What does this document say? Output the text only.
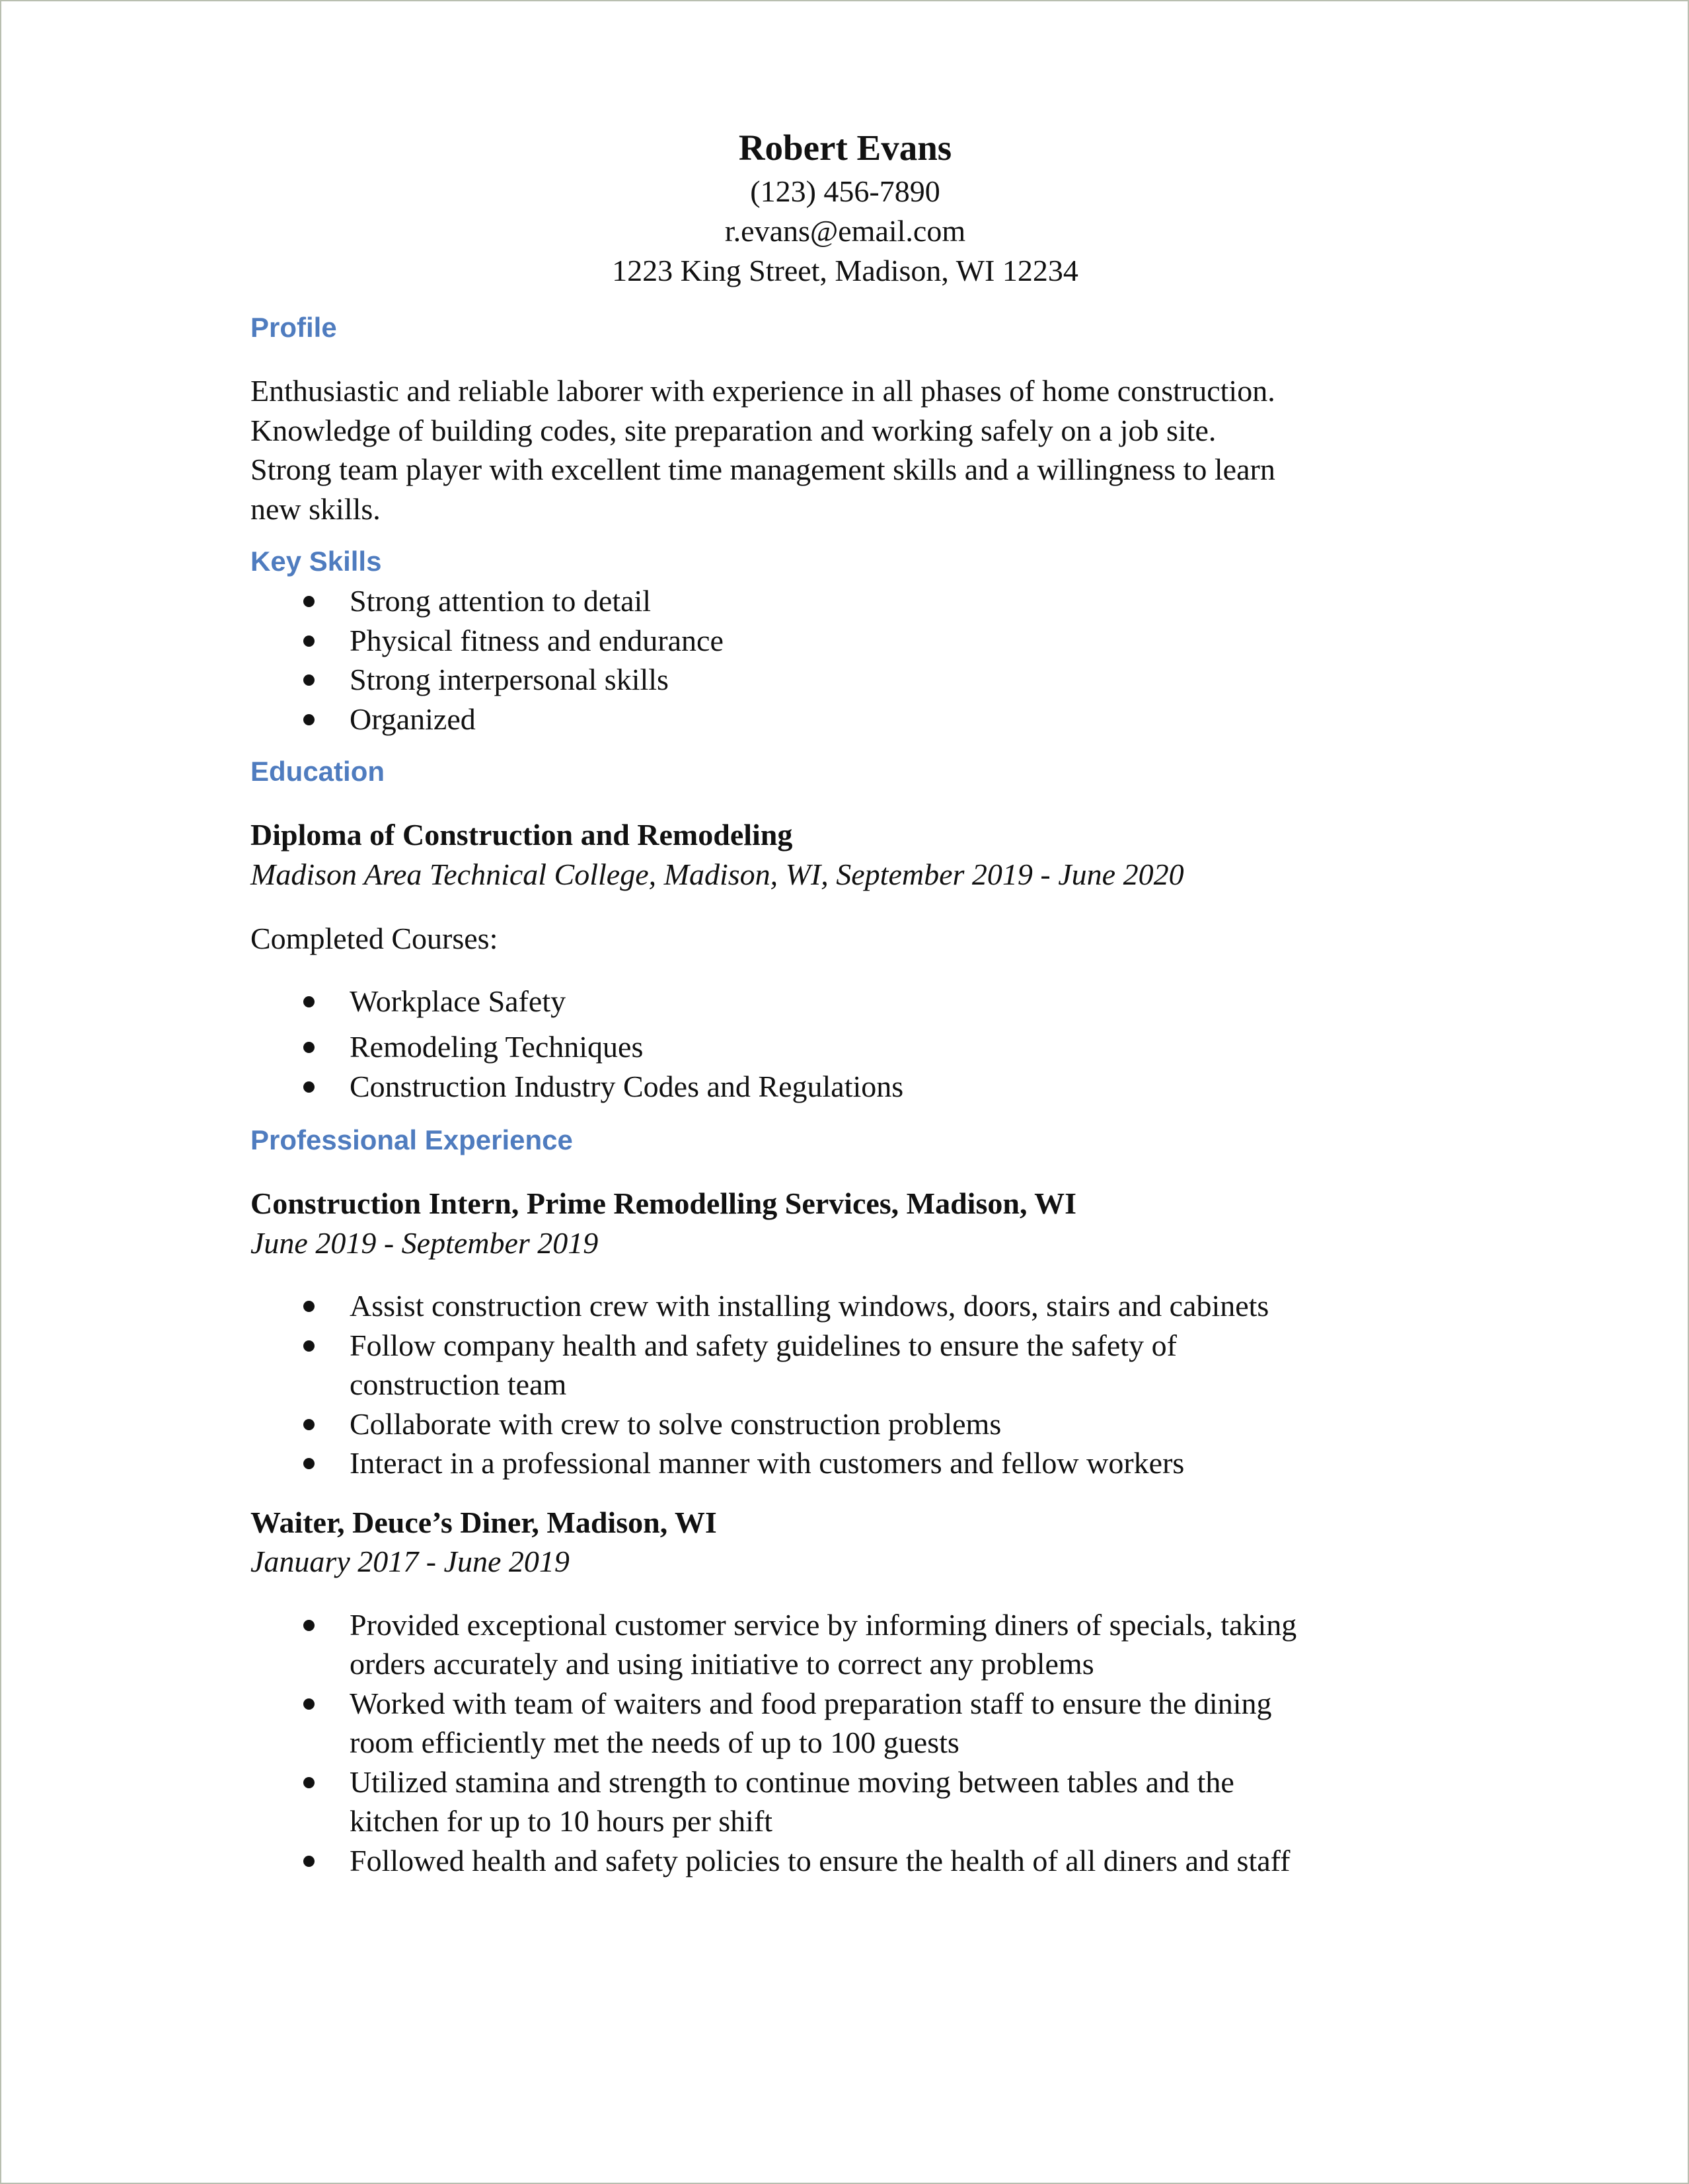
Robert Evans
(123) 456-7890
r.evans@email.com
1223 King Street, Madison, WI 12234
Profile
Enthusiastic and reliable laborer with experience in all phases of home construction.
Knowledge of building codes, site preparation and working safely on a job site.
Strong team player with excellent time management skills and a willingness to learn
new skills.
Key Skills
Strong attention to detail
Physical fitness and endurance
Strong interpersonal skills
Organized
Education
Diploma of Construction and Remodeling
Madison Area Technical College, Madison, WI, September 2019 - June 2020
Completed Courses:
Workplace Safety
Remodeling Techniques
Construction Industry Codes and Regulations
Professional Experience
Construction Intern, Prime Remodelling Services, Madison, WI
June 2019 - September 2019
Assist construction crew with installing windows, doors, stairs and cabinets
Follow company health and safety guidelines to ensure the safety of
construction team
Collaborate with crew to solve construction problems
Interact in a professional manner with customers and fellow workers
Waiter, Deuce’s Diner, Madison, WI
January 2017 - June 2019
Provided exceptional customer service by informing diners of specials, taking
orders accurately and using initiative to correct any problems
Worked with team of waiters and food preparation staff to ensure the dining
room efficiently met the needs of up to 100 guests
Utilized stamina and strength to continue moving between tables and the
kitchen for up to 10 hours per shift
Followed health and safety policies to ensure the health of all diners and staff
